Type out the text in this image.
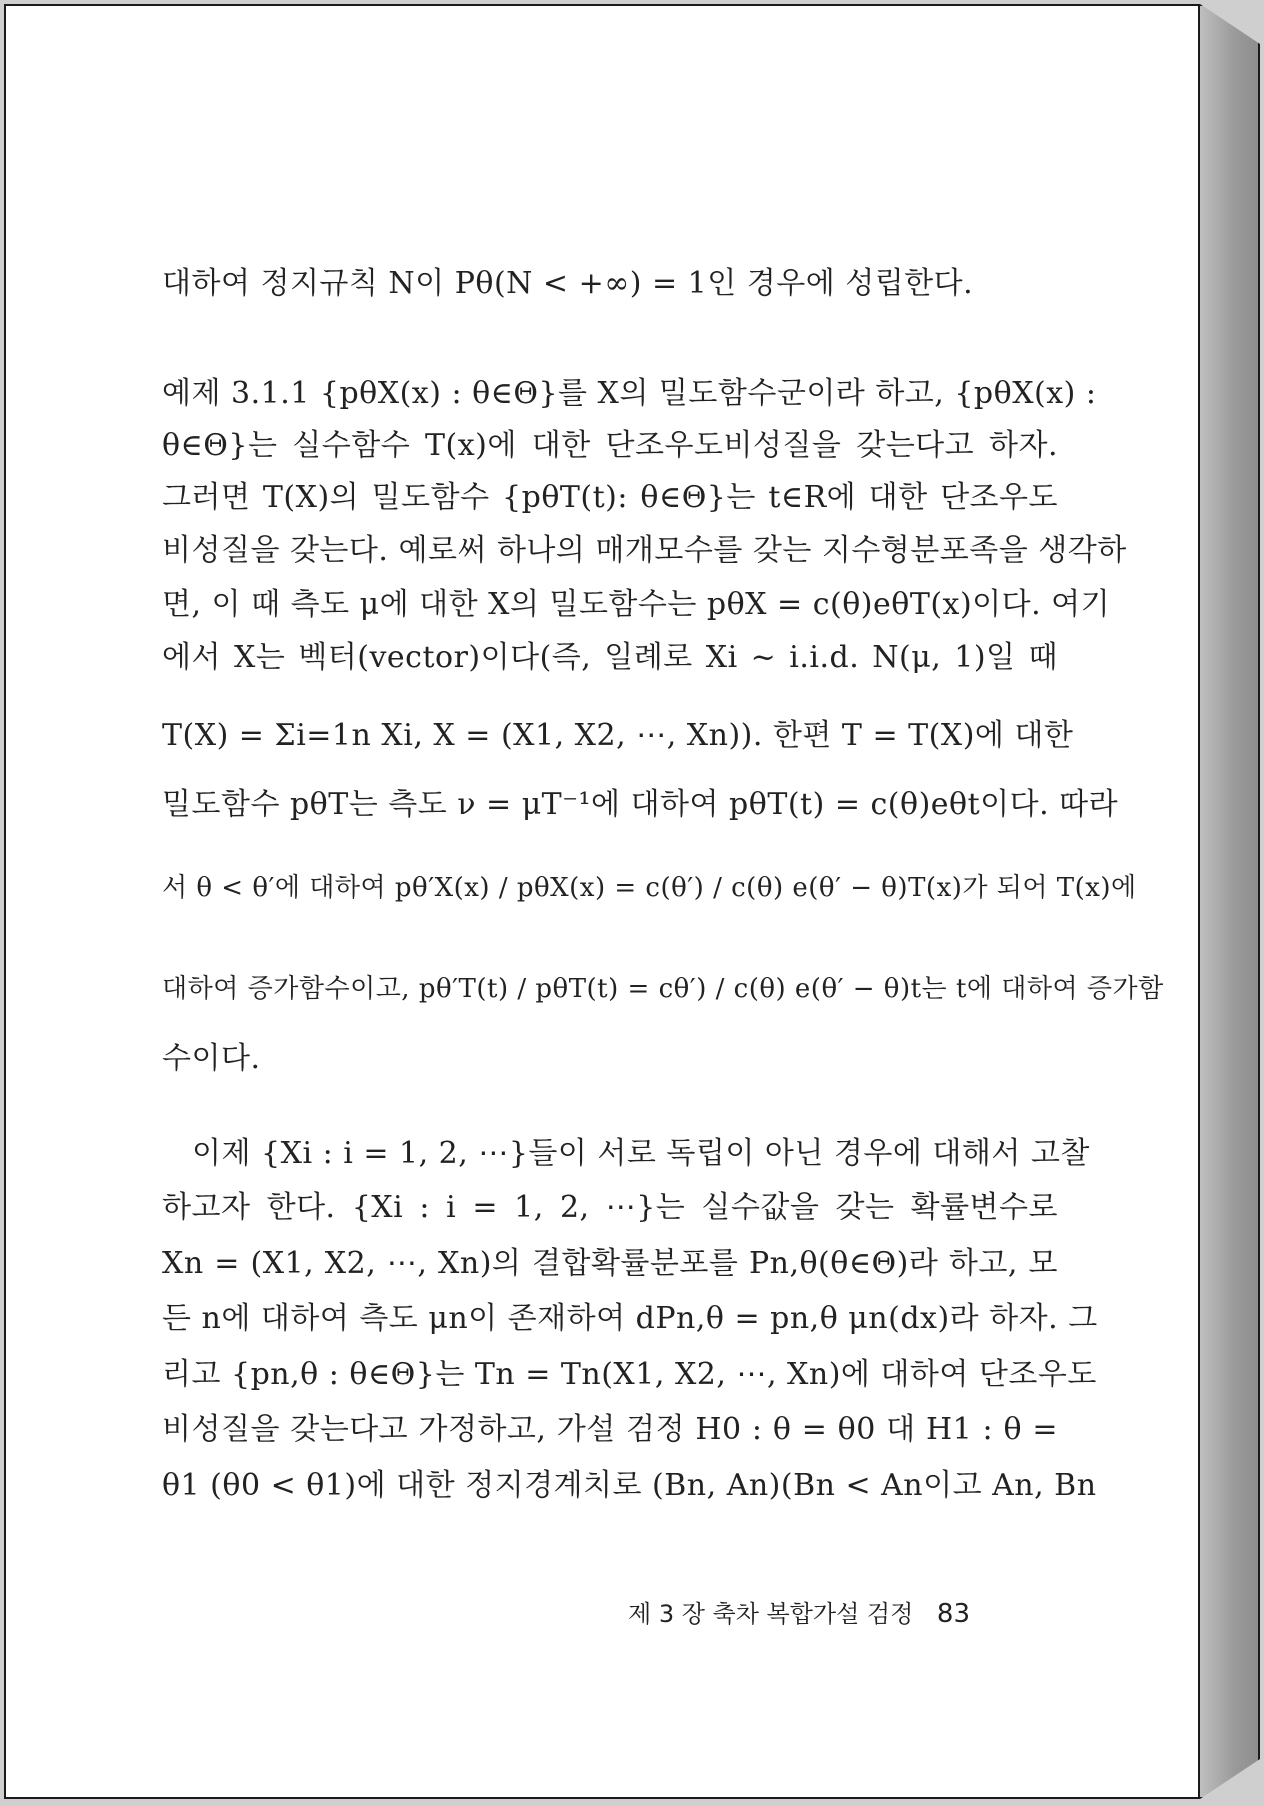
대하여 정지규칙 N이 Pθ(N < +∞) = 1인 경우에 성립한다.
예제 3.1.1 {pθX(x) : θ∈Θ}를 X의 밀도함수군이라 하고, {pθX(x) :
θ∈Θ}는 실수함수 T(x)에 대한 단조우도비성질을 갖는다고 하자.
그러면 T(X)의 밀도함수 {pθT(t): θ∈Θ}는 t∈R에 대한 단조우도
비성질을 갖는다. 예로써 하나의 매개모수를 갖는 지수형분포족을 생각하
면, 이 때 측도 μ에 대한 X의 밀도함수는 pθX = c(θ)eθT(x)이다. 여기
에서 X는 벡터(vector)이다(즉, 일례로 Xi ~ i.i.d. N(μ, 1)일 때
T(X) = Σi=1n Xi, X = (X1, X2, ⋯, Xn)). 한편 T = T(X)에 대한
밀도함수 pθT는 측도 ν = μT⁻¹에 대하여 pθT(t) = c(θ)eθt이다. 따라
서 θ < θ′에 대하여 pθ′X(x) / pθX(x) = c(θ′) / c(θ) e(θ′ − θ)T(x)가 되어 T(x)에
대하여 증가함수이고, pθ′T(t) / pθT(t) = cθ′) / c(θ) e(θ′ − θ)t는 t에 대하여 증가함
수이다.
이제 {Xi : i = 1, 2, ⋯}들이 서로 독립이 아닌 경우에 대해서 고찰
하고자 한다. {Xi : i = 1, 2, ⋯}는 실수값을 갖는 확률변수로
Xn = (X1, X2, ⋯, Xn)의 결합확률분포를 Pn,θ(θ∈Θ)라 하고, 모
든 n에 대하여 측도 μn이 존재하여 dPn,θ = pn,θ μn(dx)라 하자. 그
리고 {pn,θ : θ∈Θ}는 Tn = Tn(X1, X2, ⋯, Xn)에 대하여 단조우도
비성질을 갖는다고 가정하고, 가설 검정 H0 : θ = θ0 대 H1 : θ =
θ1 (θ0 < θ1)에 대한 정지경계치로 (Bn, An)(Bn < An이고 An, Bn
제 3 장 축차 복합가설 검정 83
